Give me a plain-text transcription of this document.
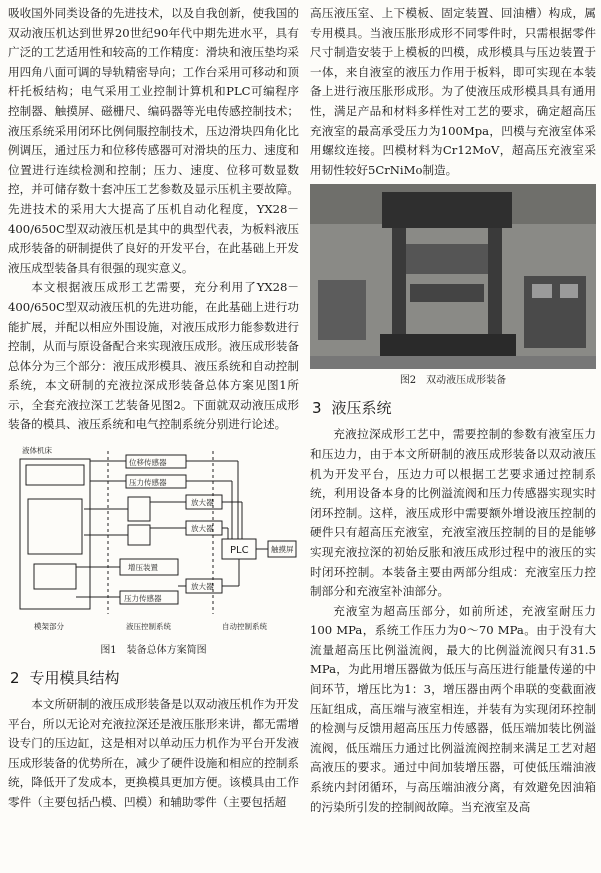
吸收国外同类设备的先进技术，以及自我创新，使我国的双动液压机达到世界20世纪90年代中期先进水平，具有广泛的工艺适用性和较高的工作精度：滑块和液压垫均采用四角八面可调的导轨精密导向；工作台采用可移动和顶杆托板结构；电气采用工业控制计算机和PLC可编程序控制器、触摸屏、磁栅尺、编码器等光电传感控制技术；液压系统采用闭环比例伺服控制技术，压边滑块四角化比例调压，通过压力和位移传感器可对滑块的压力、速度和位置进行连续检测和控制；压力、速度、位移可数显数控，并可储存数十套冲压工艺参数及显示压机主要故障。先进技术的采用大大提高了压机自动化程度，YX28－400/650C型双动液压机是其中的典型代表，为板料液压成形装备的研制提供了良好的开发平台，在此基础上开发液压成型装备具有很强的现实意义。

本文根据液压成形工艺需要，充分利用了YX28－400/650C型双动液压机的先进功能，在此基础上进行功能扩展，并配以相应外围设施，对液压成形力能参数进行控制，从而与原设备配合来实现液压成形。液压成形装备总体分为三个部分：液压成形模具、液压系统和自动控制系统，本文研制的充液拉深成形装备总体方案见图1所示，全套充液拉深工艺装备见图2。下面就双动液压成形装备的模具、液压系统和电气控制系统分别进行论述。

液体机床
位移传感器
压力传感器
放大器
放大器
放大器
增压装置
压力传感器
PLC	触摸屏
模架部分	液压控制系统	自动控制系统
图1　装备总体方案简图
2 专用模具结构

本文所研制的液压成形装备是以双动液压机作为开发平台，所以无论对充液拉深还是液压胀形来讲，都无需增设专门的压边缸，这是相对以单动压力机作为平台开发液压成形装备的优势所在，减少了硬件设施和相应的控制系统，降低开了发成本，更换模具更加方便。该模具由工作零件（主要包括凸模、凹模）和辅助零件（主要包括超

高压液压室、上下模板、固定装置、回油槽）构成，属专用模具。当液压胀形成形不同零件时，只需根据零件尺寸制造安装于上模板的凹模，成形模具与压边装置于一体，来自液室的液压力作用于板料，即可实现在本装备上进行液压胀形成形。为了使液压成形模具具有通用性，满足产品和材料多样性对工艺的要求，确定超高压充液室的最高承受压力为100Mpa，凹模与充液室体采用螺纹连接。凹模材料为Cr12MoV，超高压充液室采用韧性较好5CrNiMo制造。

图2　双动液压成形装备
3 液压系统

充液拉深成形工艺中，需要控制的参数有液室压力和压边力，由于本文所研制的液压成形装备以双动液压机为开发平台，压边力可以根据工艺要求通过控制系统，利用设备本身的比例溢流阀和压力传感器实现实时闭环控制。这样，液压成形中需要额外增设液压控制的硬件只有超高压充液室，充液室液压控制的目的是能够实现充液拉深的初始反胀和液压成形过程中的液压的实时闭环控制。本装备主要由两部分组成：充液室压力控制部分和充液室补油部分。

充液室为超高压部分，如前所述，充液室耐压力100 MPa，系统工作压力为0～70 MPa。由于没有大流量超高压比例溢流阀，最大的比例溢流阀只有31.5 MPa，为此用增压器做为低压与高压进行能量传递的中间环节，增压比为1：3，增压器由两个串联的变截面液压缸组成，高压端与液室相连，并装有为实现闭环控制的检测与反馈用超高压压力传感器，低压端加装比例溢流阀，低压端压力通过比例溢流阀控制来满足工艺对超高液压的要求。通过中间加装增压器，可使低压端油液系统内封闭循环，与高压端油液分离，有效避免因油箱的污染所引发的控制阀故障。当充液室及高
